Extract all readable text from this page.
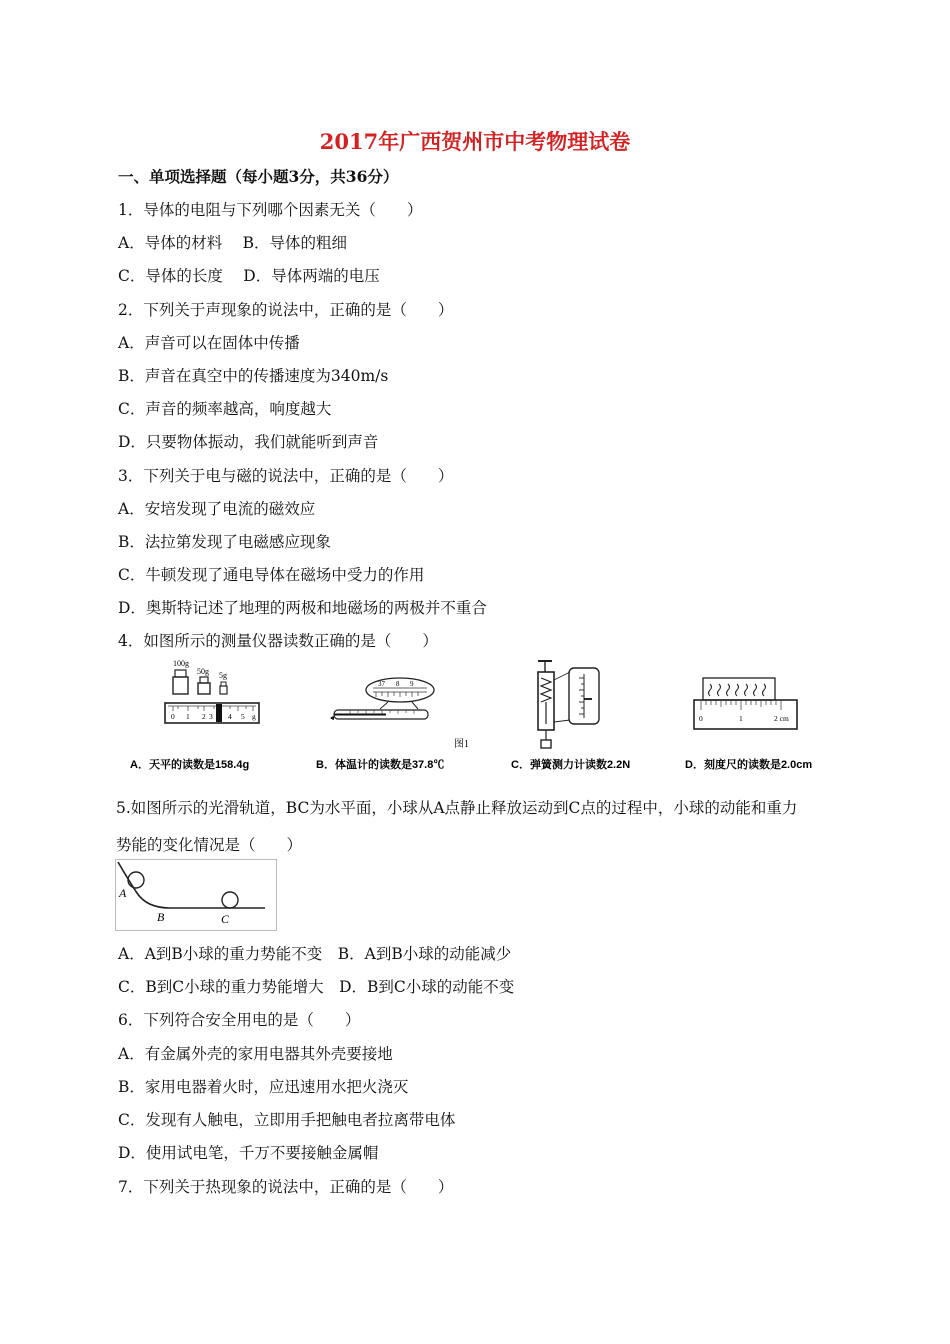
2017年广西贺州市中考物理试卷
一、单项选择题（每小题3分，共36分）
1．导体的电阻与下列哪个因素无关（　　）
A．导体的材料　 B．导体的粗细
C．导体的长度　 D．导体两端的电压
2．下列关于声现象的说法中，正确的是（　　）
A．声音可以在固体中传播
B．声音在真空中的传播速度为340m/s
C．声音的频率越高，响度越大
D．只要物体振动，我们就能听到声音
3．下列关于电与磁的说法中，正确的是（　　）
A．安培发现了电流的磁效应
B．法拉第发现了电磁感应现象
C．牛顿发现了通电导体在磁场中受力的作用
D．奥斯特记述了地理的两极和地磁场的两极并不重合
4．如图所示的测量仪器读数正确的是（　　）
100g
50g 5g
0 1 2 3 4 5 g
37 8 9
0	1	2 cm
图1
A．天平的读数是158.4g	B．体温计的读数是37.8℃	C．弹簧测力计读数2.2N	D．刻度尺的读数是2.0cm
5.如图所示的光滑轨道，BC为水平面，小球从A点静止释放运动到C点的过程中，小球的动能和重力
势能的变化情况是（　　）
A
B	C
A．A到B小球的重力势能不变　B．A到B小球的动能减少
C．B到C小球的重力势能增大　D．B到C小球的动能不变
6．下列符合安全用电的是（　　）
A．有金属外壳的家用电器其外壳要接地
B．家用电器着火时，应迅速用水把火浇灭
C．发现有人触电，立即用手把触电者拉离带电体
D．使用试电笔，千万不要接触金属帽
7．下列关于热现象的说法中，正确的是（　　）
